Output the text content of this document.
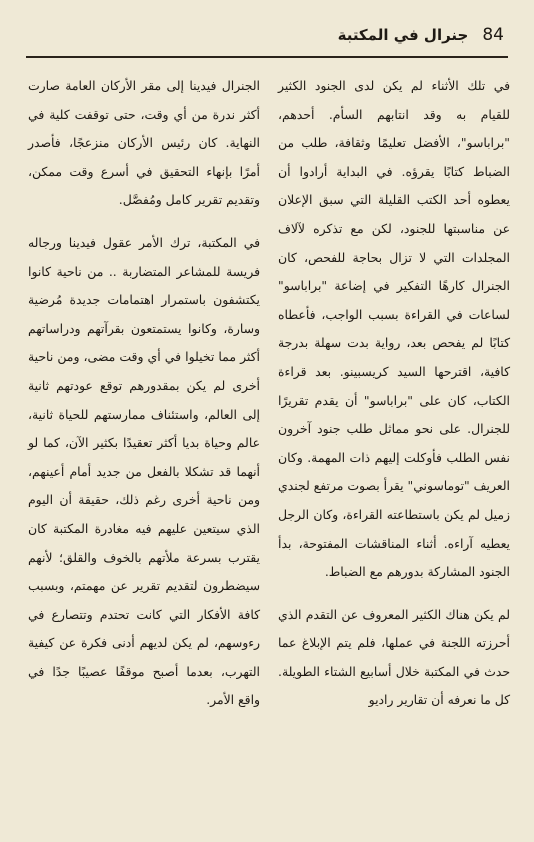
84
جنرال في المكتبة

في تلك الأثناء لم يكن لدى الجنود الكثير للقيام به وقد انتابهم السأم. أحدهم، "براباسو"، الأفضل تعليمًا وثقافة، طلب من الضباط كتابًا يقرؤه. في البداية أرادوا أن يعطوه أحد الكتب القليلة التي سبق الإعلان عن مناسبتها للجنود، لكن مع تذكره لآلاف المجلدات التي لا تزال بحاجة للفحص، كان الجنرال كارهًا التفكير في إضاعة "براباسو" لساعات في القراءة بسبب الواجب، فأعطاه كتابًا لم يفحص بعد، رواية بدت سهلة بدرجة كافية، اقترحها السيد كريسبينو. بعد قراءة الكتاب، كان على "براباسو" أن يقدم تقريرًا للجنرال. على نحو مماثل طلب جنود آخرون نفس الطلب فأوكلت إليهم ذات المهمة. وكان العريف "توماسوني" يقرأ بصوت مرتفع لجندي زميل لم يكن باستطاعته القراءة، وكان الرجل يعطيه آراءه. أثناء المناقشات المفتوحة، بدأ الجنود المشاركة بدورهم مع الضباط.

لم يكن هناك الكثير المعروف عن التقدم الذي أحرزته اللجنة في عملها، فلم يتم الإبلاغ عما حدث في المكتبة خلال أسابيع الشتاء الطويلة. كل ما نعرفه أن تقارير راديو

الجنرال فيدينا إلى مقر الأركان العامة صارت أكثر ندرة من أي وقت، حتى توقفت كلية في النهاية. كان رئيس الأركان منزعجًا، فأصدر أمرًا بإنهاء التحقيق في أسرع وقت ممكن، وتقديم تقرير كامل ومُفصَّل.

في المكتبة، ترك الأمر عقول فيدينا ورجاله فريسة للمشاعر المتضاربة .. من ناحية كانوا يكتشفون باستمرار اهتمامات جديدة مُرضية وسارة، وكانوا يستمتعون بقرآتهم ودراساتهم أكثر مما تخيلوا في أي وقت مضى، ومن ناحية أخرى لم يكن بمقدورهم توقع عودتهم ثانية إلى العالم، واستئناف ممارستهم للحياة ثانية، عالم وحياة بديا أكثر تعقيدًا بكثير الآن، كما لو أنهما قد تشكلا بالفعل من جديد أمام أعينهم، ومن ناحية أخرى رغم ذلك، حقيقة أن اليوم الذي سيتعين عليهم فيه مغادرة المكتبة كان يقترب بسرعة ملأتهم بالخوف والقلق؛ لأنهم سيضطرون لتقديم تقرير عن مهمتم، وبسبب كافة الأفكار التي كانت تحتدم وتتصارع في رءوسهم، لم يكن لديهم أدنى فكرة عن كيفية التهرب، بعدما أصبح موقفًا عصيبًا جدًا في واقع الأمر.
